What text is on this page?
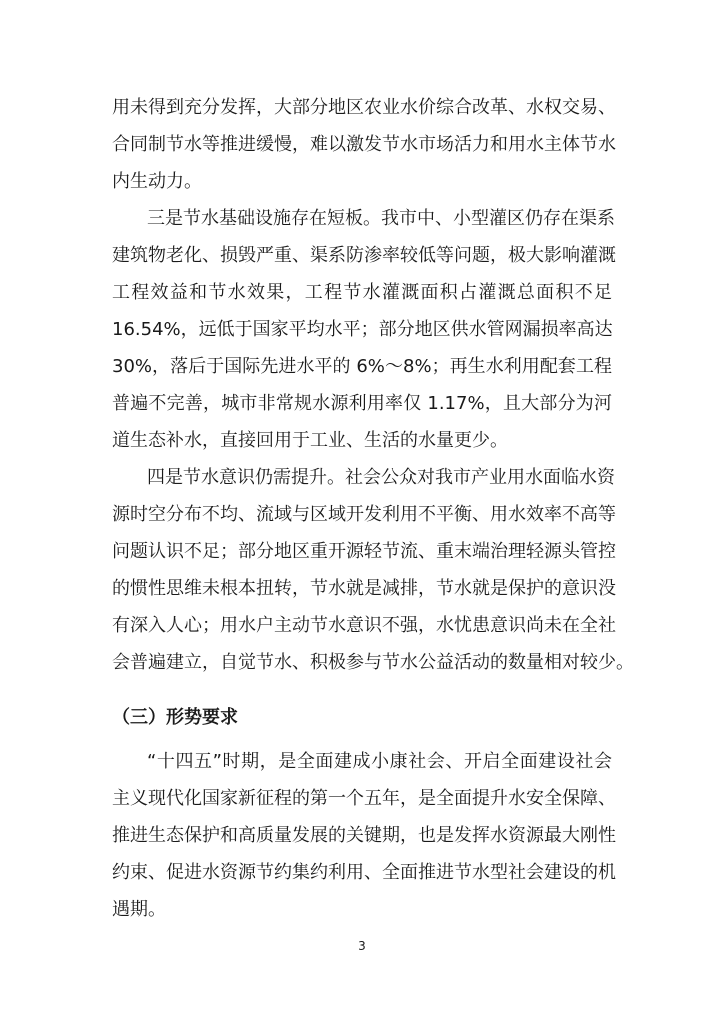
用未得到充分发挥，大部分地区农业水价综合改革、水权交易、
合同制节水等推进缓慢，难以激发节水市场活力和用水主体节水
内生动力。
三是节水基础设施存在短板。我市中、小型灌区仍存在渠系
建筑物老化、损毁严重、渠系防渗率较低等问题，极大影响灌溉
工程效益和节水效果，工程节水灌溉面积占灌溉总面积不足
16.54%，远低于国家平均水平；部分地区供水管网漏损率高达
30%，落后于国际先进水平的 6%～8%；再生水利用配套工程
普遍不完善，城市非常规水源利用率仅 1.17%，且大部分为河
道生态补水，直接回用于工业、生活的水量更少。
四是节水意识仍需提升。社会公众对我市产业用水面临水资
源时空分布不均、流域与区域开发利用不平衡、用水效率不高等
问题认识不足；部分地区重开源轻节流、重末端治理轻源头管控
的惯性思维未根本扭转，节水就是减排，节水就是保护的意识没
有深入人心；用水户主动节水意识不强，水忧患意识尚未在全社
会普遍建立，自觉节水、积极参与节水公益活动的数量相对较少。
（三）形势要求
“十四五”时期，是全面建成小康社会、开启全面建设社会
主义现代化国家新征程的第一个五年，是全面提升水安全保障、
推进生态保护和高质量发展的关键期，也是发挥水资源最大刚性
约束、促进水资源节约集约利用、全面推进节水型社会建设的机
遇期。
3
